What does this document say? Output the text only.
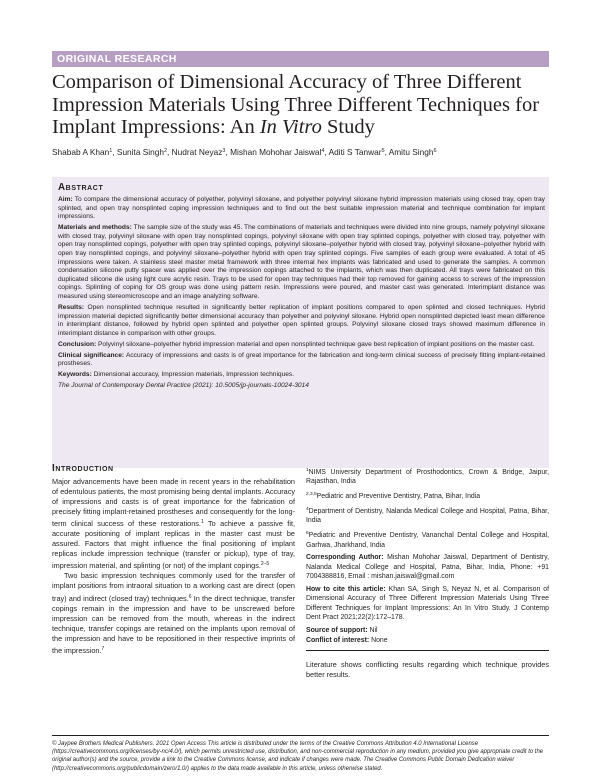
ORIGINAL RESEARCH
Comparison of Dimensional Accuracy of Three Different
Impression Materials Using Three Different Techniques for
Implant Impressions: An In Vitro Study
Shabab A Khan$^1$, Sunita Singh$^2$, Nudrat Neyaz$^3$, Mishan Mohohar Jaiswal$^4$, Aditi S Tanwar$^5$, Amitu Singh$^6$
Abstract

Aim: To compare the dimensional accuracy of polyether, polyvinyl siloxane, and polyether polyvinyl siloxane hybrid impression materials using closed tray, open tray splinted, and open tray nonsplinted coping impression techniques and to find out the best suitable impression material and technique combination for implant impressions.

Materials and methods: The sample size of the study was 45. The combinations of materials and techniques were divided into nine groups, namely polyvinyl siloxane with closed tray, polyvinyl siloxane with open tray nonsplinted copings, polyvinyl siloxane with open tray splinted copings, polyether with closed tray, polyether with open tray nonsplinted copings, polyether with open tray splinted copings, polyvinyl siloxane–polyether hybrid with closed tray, polyvinyl siloxane–polyether hybrid with open tray nonsplinted copings, and polyvinyl siloxane–polyether hybrid with open tray splinted copings. Five samples of each group were evaluated. A total of 45 impressions were taken. A stainless steel master metal framework with three internal hex implants was fabricated and used to generate the samples. A common condensation silicone putty spacer was applied over the impression copings attached to the implants, which was then duplicated. All trays were fabricated on this duplicated silicone die using light cure acrylic resin. Trays to be used for open tray techniques had their top removed for gaining access to screws of the impression copings. Splinting of coping for OS group was done using pattern resin. Impressions were poured, and master cast was generated. Interimplant distance was measured using stereomicroscope and an image analyzing software.

Results: Open nonsplinted technique resulted in significantly better replication of implant positions compared to open splinted and closed techniques. Hybrid impression material depicted significantly better dimensional accuracy than polyether and polyvinyl siloxane. Hybrid open nonsplinted depicted least mean difference in interimplant distance, followed by hybrid open splinted and polyether open splinted groups. Polyvinyl siloxane closed trays showed maximum difference in interimplant distance in comparison with other groups.

Conclusion: Polyvinyl siloxane–polyether hybrid impression material and open nonsplinted technique gave best replication of implant positions on the master cast.

Clinical significance: Accuracy of impressions and casts is of great importance for the fabrication and long-term clinical success of precisely fitting implant-retained prostheses.

Keywords: Dimensional accuracy, Impression materials, Impression techniques.

The Journal of Contemporary Dental Practice (2021): 10.5005/jp-journals-10024-3014

Introduction

Major advancements have been made in recent years in the rehabilitation of edentulous patients, the most promising being dental implants. Accuracy of impressions and casts is of great importance for the fabrication of precisely fitting implant-retained prostheses and consequently for the long-term clinical success of these restorations.$^1$ To achieve a passive fit, accurate positioning of implant replicas in the master cast must be assured. Factors that might influence the final positioning of implant replicas include impression technique (transfer or pickup), type of tray, impression material, and splinting (or not) of the implant copings.$^{2-5}$

Two basic impression techniques commonly used for the transfer of implant positions from intraoral situation to a working cast are direct (open tray) and indirect (closed tray) techniques.$^6$ In the direct technique, transfer copings remain in the impression and have to be unscrewed before impression can be removed from the mouth, whereas in the indirect technique, transfer copings are retained on the implants upon removal of the impression and have to be repositioned in their respective imprints of the impression.$^7$

$^1$NIMS University Department of Prosthodontics, Crown & Bridge, Jaipur, Rajasthan, India
$^{2,3,5}$Pediatric and Preventive Dentistry, Patna, Bihar, India
$^4$Department of Dentistry, Nalanda Medical College and Hospital, Patna, Bihar, India
$^6$Pediatric and Preventive Dentistry, Vananchal Dental College and Hospital, Garhwa, Jharkhand, India
Corresponding Author: Mishan Mohohar Jaiswal, Department of Dentistry, Nalanda Medical College and Hospital, Patna, Bihar, India, Phone: +91 7004388816, Email : mishan.jaiswal@gmail.com
How to cite this article: Khan SA, Singh S, Neyaz N, et al. Comparison of Dimensional Accuracy of Three Different Impression Materials Using Three Different Techniques for Implant Impressions: An In Vitro Study. J Contemp Dent Pract 2021;22(2):172–178.
Source of support: Nil
Conflict of interest: None
Literature shows conflicting results regarding which technique provides better results.
© Jaypee Brothers Medical Publishers. 2021 Open Access This article is distributed under the terms of the Creative Commons Attribution 4.0 International License (https://creativecommons.org/licenses/by-nc/4.0/), which permits unrestricted use, distribution, and non-commercial reproduction in any medium, provided you give appropriate credit to the original author(s) and the source, provide a link to the Creative Commons license, and indicate if changes were made. The Creative Commons Public Domain Dedication waiver (http://creativecommons.org/publicdomain/zero/1.0/) applies to the data made available in this article, unless otherwise stated.
